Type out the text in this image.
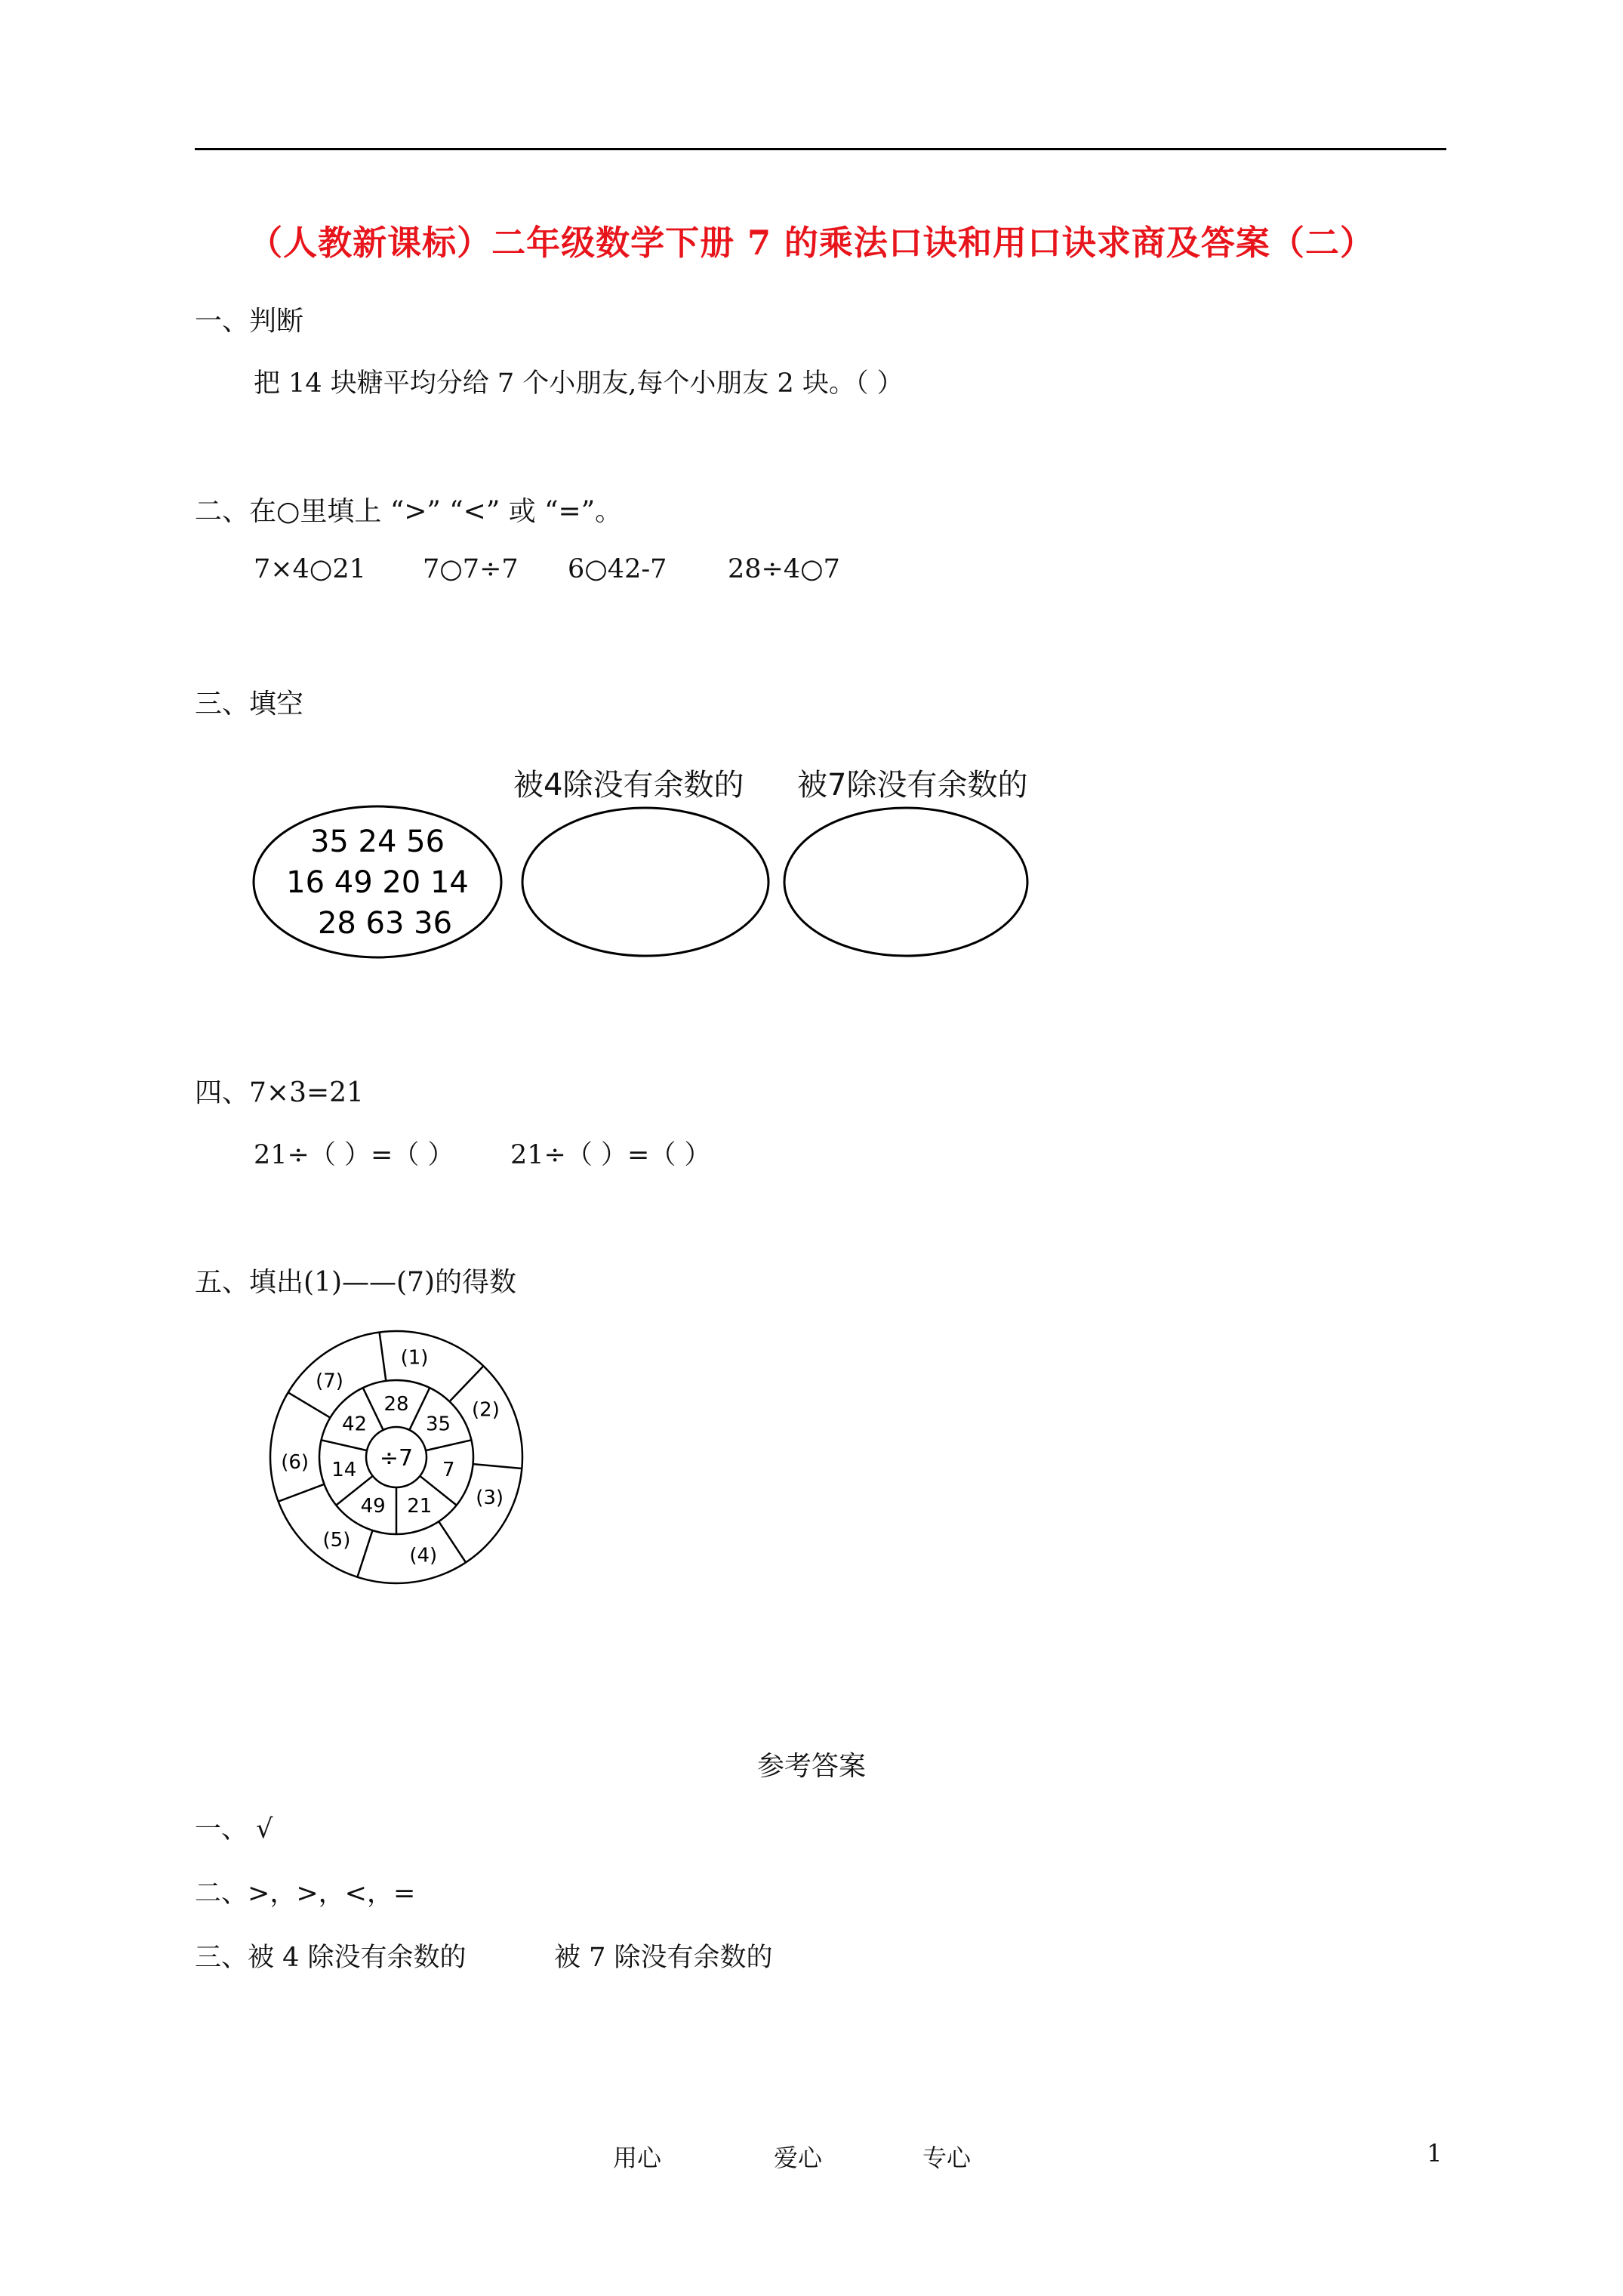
（人教新课标）二年级数学下册 7 的乘法口诀和用口诀求商及答案（二）
一、判断
把 14 块糖平均分给 7 个小朋友,每个小朋友 2 块。（ ）
二、在○里填上 “>” “<” 或 “=”。
7×4○21 7○7÷7 6○42-7 28÷4○7
三、填空
被4除没有余数的 被7除没有余数的
35 24 56
16 49 20 14
28 63 36
四、7×3=21
21÷（ ）=（ ） 21÷（ ）=（ ）
五、填出(1)——(7)的得数
÷7
28
35
7
21
49
14
42
(1)
(2)
(3)
(4)
(5)
(6)
(7)
参考答案
一、 √
二、>，>，<，=
三、被 4 除没有余数的	被 7 除没有余数的
用心	爱心	专心	1
